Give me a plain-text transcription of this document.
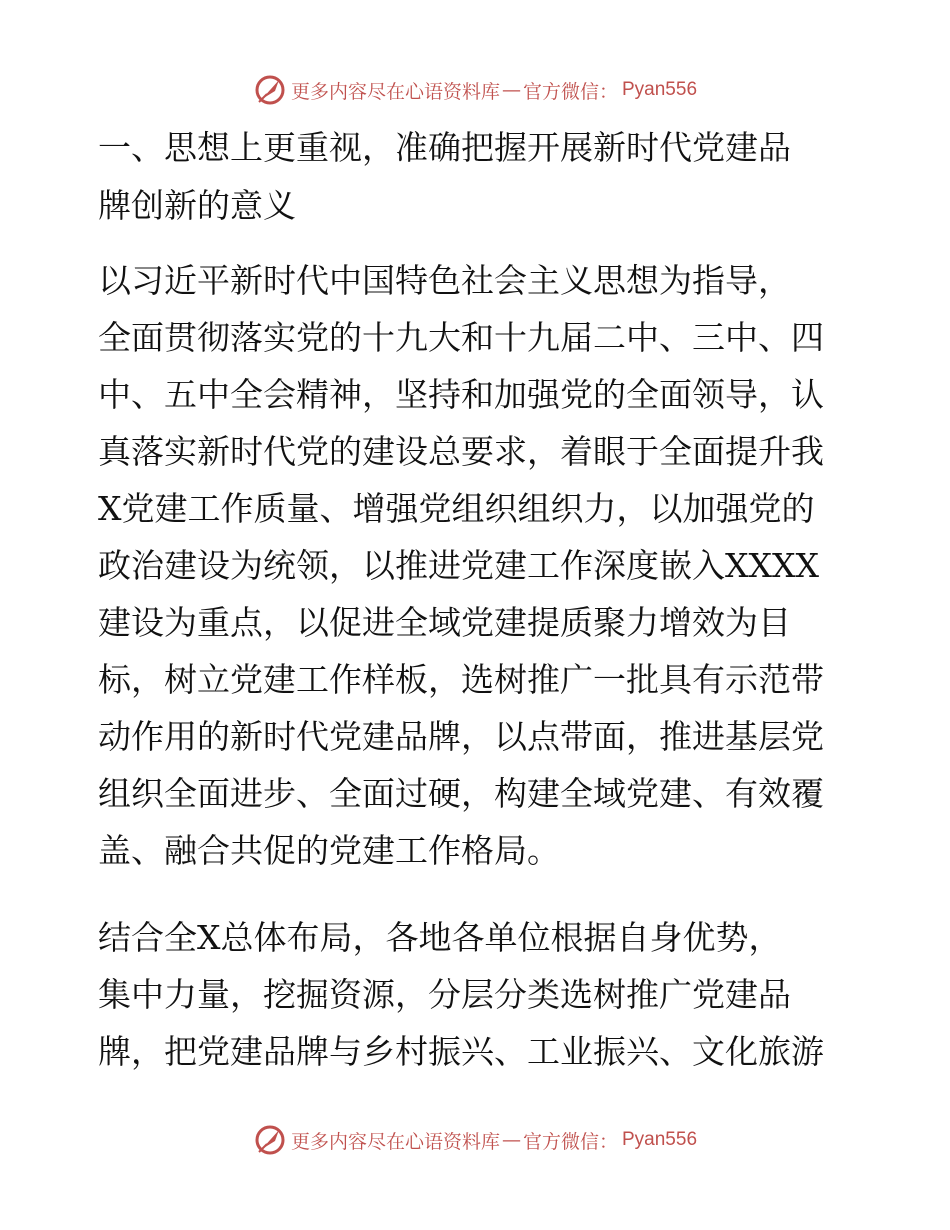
更多内容尽在心语资料库 — 官方微信： Pyan556
一、思想上更重视，准确把握开展新时代党建品
牌创新的意义
以习近平新时代中国特色社会主义思想为指导，
全面贯彻落实党的十九大和十九届二中、三中、四
中、五中全会精神，坚持和加强党的全面领导，认
真落实新时代党的建设总要求，着眼于全面提升我
X党建工作质量、增强党组织组织力，以加强党的
政治建设为统领，以推进党建工作深度嵌入XXXX
建设为重点，以促进全域党建提质聚力增效为目
标，树立党建工作样板，选树推广一批具有示范带
动作用的新时代党建品牌，以点带面，推进基层党
组织全面进步、全面过硬，构建全域党建、有效覆
盖、融合共促的党建工作格局。
结合全X总体布局，各地各单位根据自身优势，
集中力量，挖掘资源，分层分类选树推广党建品
牌，把党建品牌与乡村振兴、工业振兴、文化旅游
更多内容尽在心语资料库 — 官方微信： Pyan556
